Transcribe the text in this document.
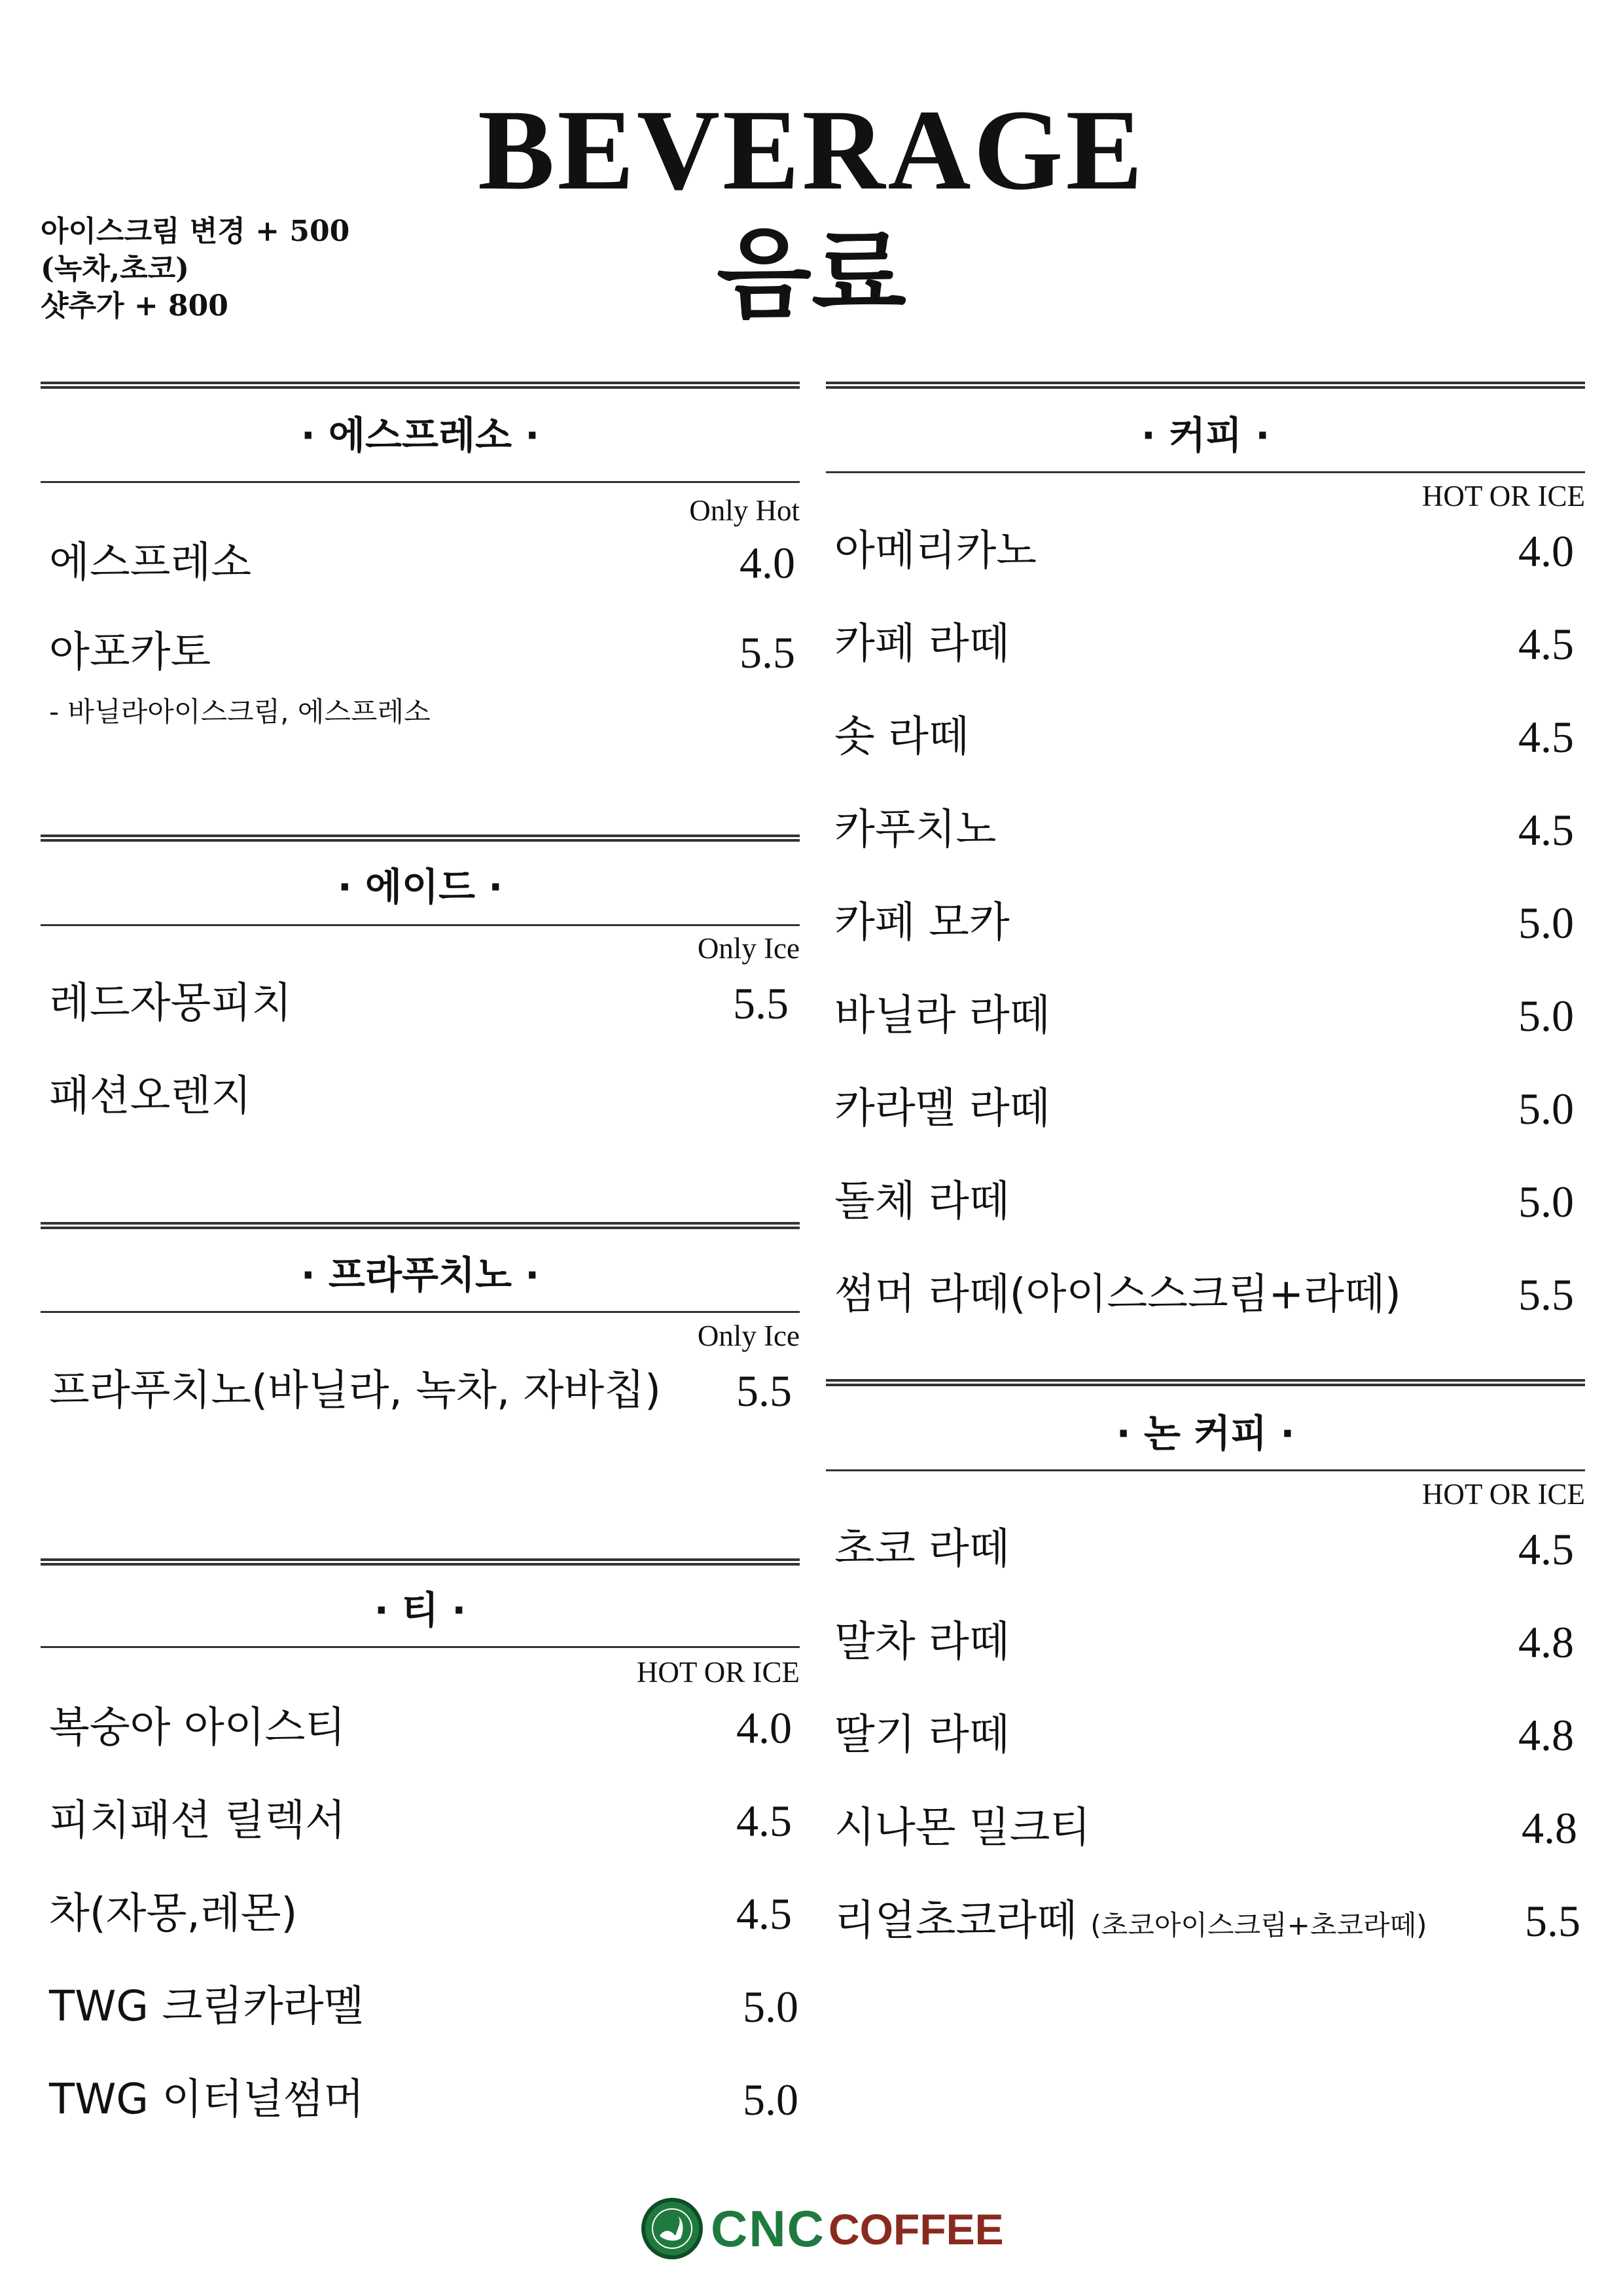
BEVERAGE
음료
아이스크림 변경 + 500
(녹차,초코)
샷추가 + 800
· 에스프레소 ·
Only Hot
에스프레소	4.0
아포카토	5.5
- 바닐라아이스크림, 에스프레소
· 에이드 ·
Only Ice
레드자몽피치	5.5
패션오렌지
· 프라푸치노 ·
Only Ice
프라푸치노(바닐라, 녹차, 자바칩) 5.5
· 티 ·
HOT OR ICE
복숭아 아이스티	4.0
피치패션 릴렉서	4.5
차(자몽,레몬)	4.5
TWG 크림카라멜	5.0
TWG 이터널썸머	5.0
· 커피 ·
HOT OR ICE
아메리카노	4.0
카페 라떼	4.5
솟 라떼	4.5
카푸치노	4.5
카페 모카	5.0
바닐라 라떼	5.0
카라멜 라떼	5.0
돌체 라떼	5.0
썸머 라떼(아이스스크림+라떼)	5.5
· 논 커피 ·
HOT OR ICE
초코 라떼	4.5
말차 라떼	4.8
딸기 라떼	4.8
시나몬 밀크티	4.8
리얼초코라떼 (초코아이스크림+초코라떼) 5.5
CNC COFFEE
